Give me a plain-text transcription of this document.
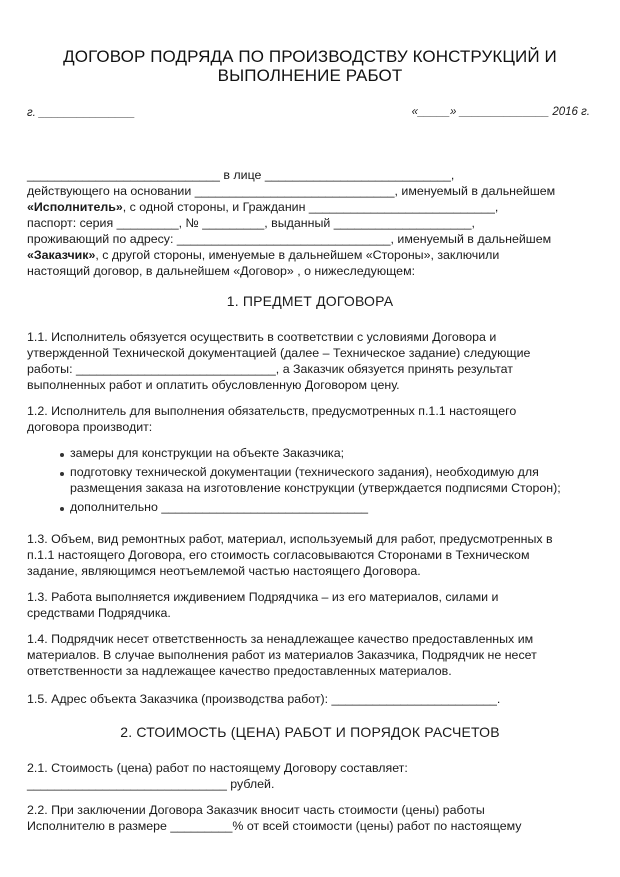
ДОГОВОР ПОДРЯДА ПО ПРОИЗВОДСТВУ КОНСТРУКЦИЙ И
ВЫПОЛНЕНИЕ РАБОТ
г. _______________	«_____» ______________ 2016 г.
____________________________ в лице ___________________________,
действующего на основании _____________________________, именуемый в дальнейшем
«Исполнитель», с одной стороны, и Гражданин ___________________________,
паспорт: серия _________, № _________, выданный ____________________,
проживающий по адресу: _______________________________, именуемый в дальнейшем
«Заказчик», с другой стороны, именуемые в дальнейшем «Стороны», заключили
настоящий договор, в дальнейшем «Договор» , о нижеследующем:
1. ПРЕДМЕТ ДОГОВОРА
1.1. Исполнитель обязуется осуществить в соответствии с условиями Договора и
утвержденной Технической документацией (далее – Техническое задание) следующие
работы: _____________________________, а Заказчик обязуется принять результат
выполненных работ и оплатить обусловленную Договором цену.
1.2. Исполнитель для выполнения обязательств, предусмотренных п.1.1 настоящего
договора производит:
замеры для конструкции на объекте Заказчика;
подготовку технической документации (технического задания), необходимую для
размещения заказа на изготовление конструкции (утверждается подписями Сторон);
дополнительно ______________________________
1.3. Объем, вид ремонтных работ, материал, используемый для работ, предусмотренных в
п.1.1 настоящего Договора, его стоимость согласовываются Сторонами в Техническом
задание, являющимся неотъемлемой частью настоящего Договора.
1.3. Работа выполняется иждивением Подрядчика – из его материалов, силами и
средствами Подрядчика.
1.4. Подрядчик несет ответственность за ненадлежащее качество предоставленных им
материалов. В случае выполнения работ из материалов Заказчика, Подрядчик не несет
ответственности за надлежащее качество предоставленных материалов.
1.5. Адрес объекта Заказчика (производства работ): ________________________.
2. СТОИМОСТЬ (ЦЕНА) РАБОТ И ПОРЯДОК РАСЧЕТОВ
2.1. Стоимость (цена) работ по настоящему Договору составляет:
_____________________________ рублей.
2.2. При заключении Договора Заказчик вносит часть стоимости (цены) работы
Исполнителю в размере _________% от всей стоимости (цены) работ по настоящему
